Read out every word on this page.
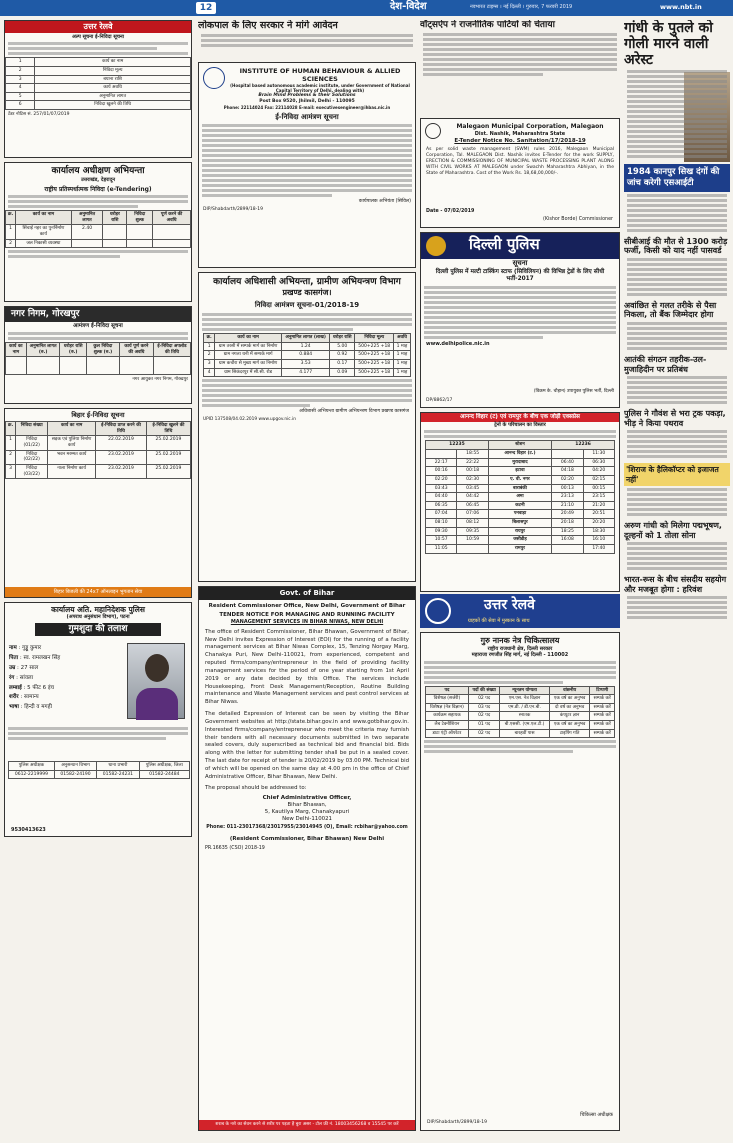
12	देश-विदेश	नवभारत टाइम्स । नई दिल्ली । गुरुवार, 7 फरवरी 2019	www.nbt.in
उत्तर रेलवे
अल्प सूचना ई-निविदा सूचना
1	कार्य का नाम
2	निविदा मूल्य
3	बयाना राशि
4	कार्य अवधि
5	अनुमानित लागत
6	निविदा खुलने की तिथि
टेंडर नोटिस सं. 257/01/07/2019
कार्यालय अधीक्षण अभियन्ता
उत्तराखंड, देहरादून
राष्ट्रीय प्रतिस्पर्धात्मक निविदा (e-Tendering)
क्र.	कार्य का नाम	अनुमानित लागत	धरोहर राशि	निविदा शुल्क	पूर्ण करने की अवधि
1	सिंचाई नहर का पुनर्निर्माण कार्य	2.40			
2	जल निकासी व्यवस्था				
नगर निगम, गोरखपुर
आमंत्रण ई-निविदा सूचना
कार्य का नाम	अनुमानित लागत (रु.)	धरोहर राशि (रु.)	कुल निविदा शुल्क (रु.)	कार्य पूर्ण करने की अवधि	ई-निविदा अपलोड की तिथि

नगर आयुक्त नगर निगम, गोरखपुर
बिहार ई-निविदा सूचना
क्र.	निविदा संख्या	कार्य का नाम	ई-निविदा प्राप्त करने की तिथि	ई-निविदा खुलने की तिथि
1	निविदा (01/22)	सड़क एवं पुलिया निर्माण कार्य	22.02.2019	25.02.2019
2	निविदा (02/22)	भवन मरम्मत कार्य	23.02.2019	25.02.2019
3	निविदा (03/22)	नाला निर्माण कार्य	23.02.2019	25.02.2019
बिहार बिजली की 24x7 ऑनलाइन भुगतान सेवा
कार्यालय अति. महानिदेशक पुलिस
(अपराध अनुसंधान विभाग), पटना
गुमशुदा की तलाश
नाम : गुड्डू कुमार
पिता : स्व. रामलखन सिंह
उम्र : 27 साल
रंग : सांवला
लम्बाई : 5 फीट 6 इंच
शरीर : सामान्य
भाषा : हिन्दी व मगही
पुलिस अधीक्षक	अनुसन्धान विभाग	थाना प्रभारी	पुलिस अधीक्षक, जिला
0612-2219999	01582-24190	01582-24231	01582-24484
9530413623
लोकपाल के लिए सरकार ने मांगे आवेदन
INSTITUTE OF HUMAN BEHAVIOUR & ALLIED SCIENCES
(Hospital based autonomous academic institute, under Government of National Capital Territory of Delhi, dealing with)
Brain Mind Problems & their Solutions
Post Box 9520, Jhilmil, Delhi - 110095
Phone: 22114024 Fax: 22114028 E-mail: executivesengineer@ihbas.nic.in
ई-निविदा आमंत्रण सूचना
कार्यपालक अभियंता (सिविल)
DIP/Shabdarth/2899/18-19
कार्यालय अधिशासी अभियन्ता, ग्रामीण अभियन्त्रण विभाग
प्रखण्ड कासगंज।
निविदा आमंत्रण सूचना-01/2018-19
क्र.	कार्य का नाम	अनुमानित लागत (लाख)	धरोहर राशि	निविदा मूल्य	अवधि
1	ग्राम तरसी में सम्पर्क मार्ग का निर्माण	1.24	5.00	500+225 +18	1 माह
2	ग्राम नगला धनी में सम्पर्क मार्ग	0.884	0.92	500+225 +18	1 माह
3	ग्राम कचौरा से मुख्य मार्ग का निर्माण	3.53	0.17	500+225 +18	1 माह
4	ग्राम सिकंदरपुर में सी.सी. रोड	4.177	0.09	500+225 +18	1 माह
अधिशासी अभियन्ता ग्रामीण अभियन्त्रण विभाग प्रखण्ड कासगंज
UPID 137508/04.02.2019 www.upgov.nic.in
Govt. of Bihar
Resident Commissioner Office, New Delhi, Government of Bihar
TENDER NOTICE FOR MANAGING AND RUNNING FACILITY
MANAGEMENT SERVICES IN BIHAR NIWAS, NEW DELHI
The office of Resident Commissioner, Bihar Bhawan, Government of Bihar, New Delhi invites Expression of Interest (EOI) for the running of a facility management services at Bihar Niwas Complex, 15, Tenzing Norgay Marg, Chanakya Puri, New Delhi-110021, from experienced, competent and reputed firms/company/entrepreneur in the field of providing facility management services for the period of one year starting from 1st April 2019 or any date decided by this Office. The services include Housekeeping, Front Desk Management/Reception, Routine Building maintenance and Waste Management services and pest control services at Bihar Niwas.
The detailed Expression of Interest can be seen by visiting the Bihar Government websites at http://state.bihar.gov.in and www.gotbihar.gov.in. Interested firms/company/entrepreneur who meet the criteria may furnish their tenders with all necessary documents submitted in two separate sealed covers, duly superscribed as technical bid and financial bid. Bids along with the letter for submitting tender shall be put in a sealed cover. The last date for receipt of tender is 20/02/2019 by 03.00 PM. Technical bid of which will be opened on the same day at 4.00 pm in the office of Chief Administrative Officer, Bihar Bhawan, New Delhi.
The proposal should be addressed to:
Chief Administrative Officer,
Bihar Bhawan,
5, Kautilya Marg, Chanakyapuri
New Delhi-110021
Phone: 011-23017368/23017955/23014945 (O), Email: rcbihar@yahoo.com
(Resident Commissioner, Bihar Bhawan) New Delhi
PR.16635 (CSO) 2018-19
शराब के नशे का सेवन करने से शरीर पर पड़ता है बुरा असर - टोल फ्री नं. 18003456268 व 15545 पर करें
वॉट्सऐप ने राजनीतिक पार्टियों को चेताया
Malegaon Municipal Corporation, Malegaon
Dist. Nashik, Maharashtra State
E-Tender Notice No. Sanitation/17/2018-19
As per solid waste management (SWM) rules 2016, Malegaon Municipal Corporation, Tal. MALEGAON Dist. Nashik invites E-Tender for the work SUPPLY, ERECTION & COMMISSIONING OF MUNICIPAL WASTE PROCESSING PLANT ALONG WITH CIVIL WORKS AT MALEGAON under Swachh Maharashtra Abhiyan, in the State of Maharashtra. Cost of the Work Rs. 18,68,00,000/-.
Date - 07/02/2019
(Kishor Borde) Commissioner
दिल्ली पुलिस
सूचना
दिल्ली पुलिस में मल्टी टास्किंग स्टाफ (सिविलियन) की विभिन्न ट्रेडों के लिए सीधी भर्ती-2017
www.delhipolice.nic.in
(विक्रम के. चौहान) उपायुक्त पुलिस भर्ती, दिल्ली
DP/8862/17
आनन्द विहार (ट) एवं रामपुर के बीच एक जोड़ी एक्सप्रेस
ट्रेनों के परिचालन का विस्तार
12235		स्टेशन	12236	
	18:55	आनन्द विहार (ट.)		11:30
22:17	22:22	मुरादाबाद	06:40	06:30
00:16	00:18	इटावा	04:18	04:20
02:20	02:30	ए. वी. नगर	02:20	02:15
03:43	03:45	बाराबंकी	00:13	00:15
04:40	04:42	अमा	23:13	23:15
06:35	06:45	कटनी	21:10	21:20
07:04	07:06	पनवाड़ा	20:49	20:51
08:10	08:12	बिलासपुर	20:18	20:20
09:30	09:35	रायपुर	18:25	18:30
10:57	10:59	जसीडीह	16:08	16:10
11:05		रामपुर		17:40
उत्तर रेलवे
ग्राहकों की सेवा में मुस्कान के साथ
गुरु नानक नेत्र चिकित्सालय
राष्ट्रीय राजधानी क्षेत्र, दिल्ली सरकार
महाराजा रणजीत सिंह मार्ग, नई दिल्ली - 110002
पद	पदों की संख्या	न्यूनतम योग्यता	वांछनीय	टिप्पणी
विशेषज्ञ (सर्जरी)	02 पद	एम.एस. नेत्र विज्ञान	एक वर्ष का अनुभव	सम्पर्क करें
विशेषज्ञ (नेत्र विज्ञान)	03 पद	एम.डी. / डी.एन.बी.	दो वर्ष का अनुभव	सम्पर्क करें
कार्यक्रम सहायक	02 पद	स्नातक	कंप्यूटर ज्ञान	सम्पर्क करें
लैब टेक्नीशियन	01 पद	बी.एससी. (एम.एल.टी.)	एक वर्ष का अनुभव	सम्पर्क करें
डाटा एंट्री ऑपरेटर	02 पद	बारहवीं पास	टाइपिंग गति	सम्पर्क करें
चिकित्सा अधीक्षक
DIP/Shabdarth/2899/18-19
गांधी के पुतले को गोली मारने वाली अरेस्ट
1984 कानपुर सिख दंगों की जांच करेगी एसआईटी
सीबीआई की मौत से 1300 करोड़ फर्जी, किसी को याद नहीं पासवर्ड
अवांछित से गलत तरीके से पैसा निकला, तो बैंक जिम्मेदार होगा
आतंकी संगठन तहरीक-उल- मुजाहिदीन पर प्रतिबंध
पुलिस ने गौवंश से भरा ट्रक पकड़ा, भीड़ ने किया पथराव
'शिराज के हैलिकॉप्टर को इजाजत नहीं'
अरुण गांधी को मिलेगा पद्मभूषण, दूल्हनों को 1 तोला सोना
भारत-रूस के बीच संसदीय सहयोग और मजबूत होगा : हरिवंश
